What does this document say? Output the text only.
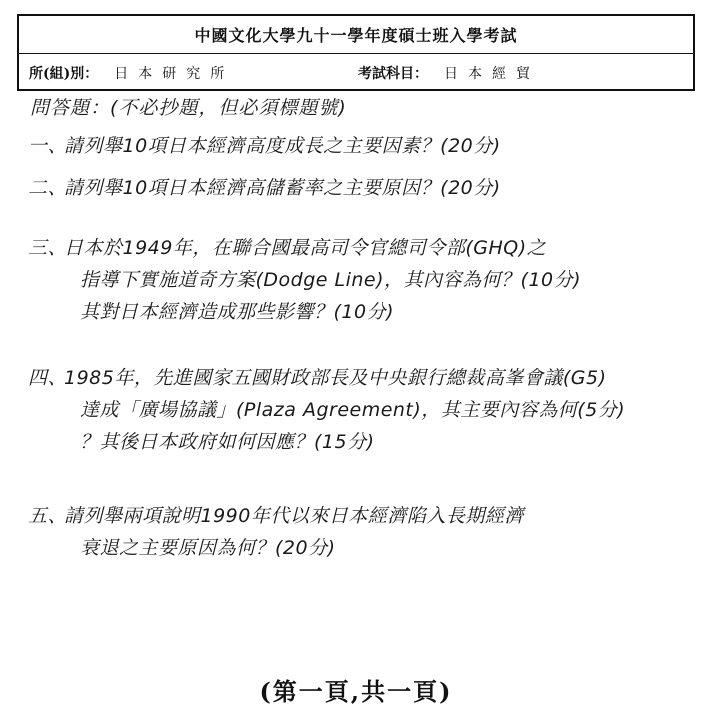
中國文化大學九十一學年度碩士班入學考試
所(組)別： 日本研究所	考試科目： 日本經貿
問答題：(不必抄題，但必須標題號)
一、請列舉10項日本經濟高度成長之主要因素？(20分)
二、請列舉10項日本經濟高儲蓄率之主要原因？(20分)
三、日本於1949年，在聯合國最高司令官總司令部(GHQ)之
指導下實施道奇方案(Dodge Line)，其內容為何？(10分)
其對日本經濟造成那些影響？(10分)
四、1985年，先進國家五國財政部長及中央銀行總裁高峯會議(G5)
達成「廣場協議」(Plaza Agreement)，其主要內容為何(5分)
？其後日本政府如何因應？(15分)
五、請列舉兩項說明1990年代以來日本經濟陷入長期經濟
衰退之主要原因為何？(20分)
(第一頁,共一頁)
